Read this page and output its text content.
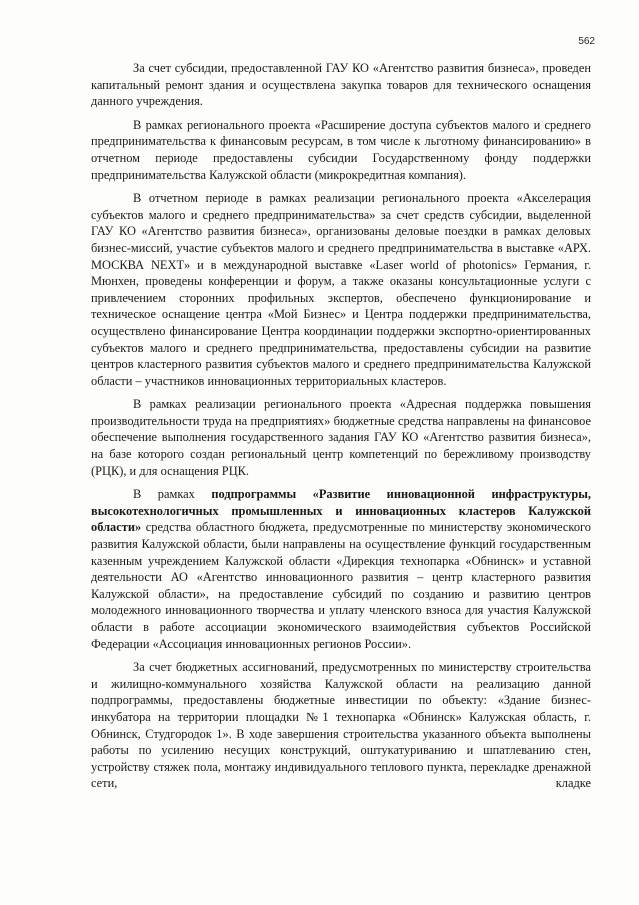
562

За счет субсидии, предоставленной ГАУ КО «Агентство развития бизнеса», проведен капитальный ремонт здания и осуществлена закупка товаров для технического оснащения данного учреждения.

В рамках регионального проекта «Расширение доступа субъектов малого и среднего предпринимательства к финансовым ресурсам, в том числе к льготному финансированию» в отчетном периоде предоставлены субсидии Государственному фонду поддержки предпринимательства Калужской области (микрокредитная компания).

В отчетном периоде в рамках реализации регионального проекта «Акселерация субъектов малого и среднего предпринимательства» за счет средств субсидии, выделенной ГАУ КО «Агентство развития бизнеса», организованы деловые поездки в рамках деловых бизнес-миссий, участие субъектов малого и среднего предпринимательства в выставке «АРХ. МОСКВА NEXT» и в международной выставке «Laser world of photonics» Германия, г. Мюнхен, проведены конференции и форум, а также оказаны консультационные услуги с привлечением сторонних профильных экспертов, обеспечено функционирование и техническое оснащение центра «Мой Бизнес» и Центра поддержки предпринимательства, осуществлено финансирование Центра координации поддержки экспортно-ориентированных субъектов малого и среднего предпринимательства, предоставлены субсидии на развитие центров кластерного развития субъектов малого и среднего предпринимательства Калужской области – участников инновационных территориальных кластеров.

В рамках реализации регионального проекта «Адресная поддержка повышения производительности труда на предприятиях» бюджетные средства направлены на финансовое обеспечение выполнения государственного задания ГАУ КО «Агентство развития бизнеса», на базе которого создан региональный центр компетенций по бережливому производству (РЦК), и для оснащения РЦК.

В рамках подпрограммы «Развитие инновационной инфраструктуры, высокотехнологичных промышленных и инновационных кластеров Калужской области» средства областного бюджета, предусмотренные по министерству экономического развития Калужской области, были направлены на осуществление функций государственным казенным учреждением Калужской области «Дирекция технопарка «Обнинск» и уставной деятельности АО «Агентство инновационного развития – центр кластерного развития Калужской области», на предоставление субсидий по созданию и развитию центров молодежного инновационного творчества и уплату членского взноса для участия Калужской области в работе ассоциации экономического взаимодействия субъектов Российской Федерации «Ассоциация инновационных регионов России».

За счет бюджетных ассигнований, предусмотренных по министерству строительства и жилищно-коммунального хозяйства Калужской области на реализацию данной подпрограммы, предоставлены бюджетные инвестиции по объекту: «Здание бизнес-инкубатора на территории площадки №1 технопарка «Обнинск» Калужская область, г. Обнинск, Студгородок 1». В ходе завершения строительства указанного объекта выполнены работы по усилению несущих конструкций, оштукатуриванию и шпатлеванию стен, устройству стяжек пола, монтажу индивидуального теплового пункта, перекладке дренажной сети, кладке
